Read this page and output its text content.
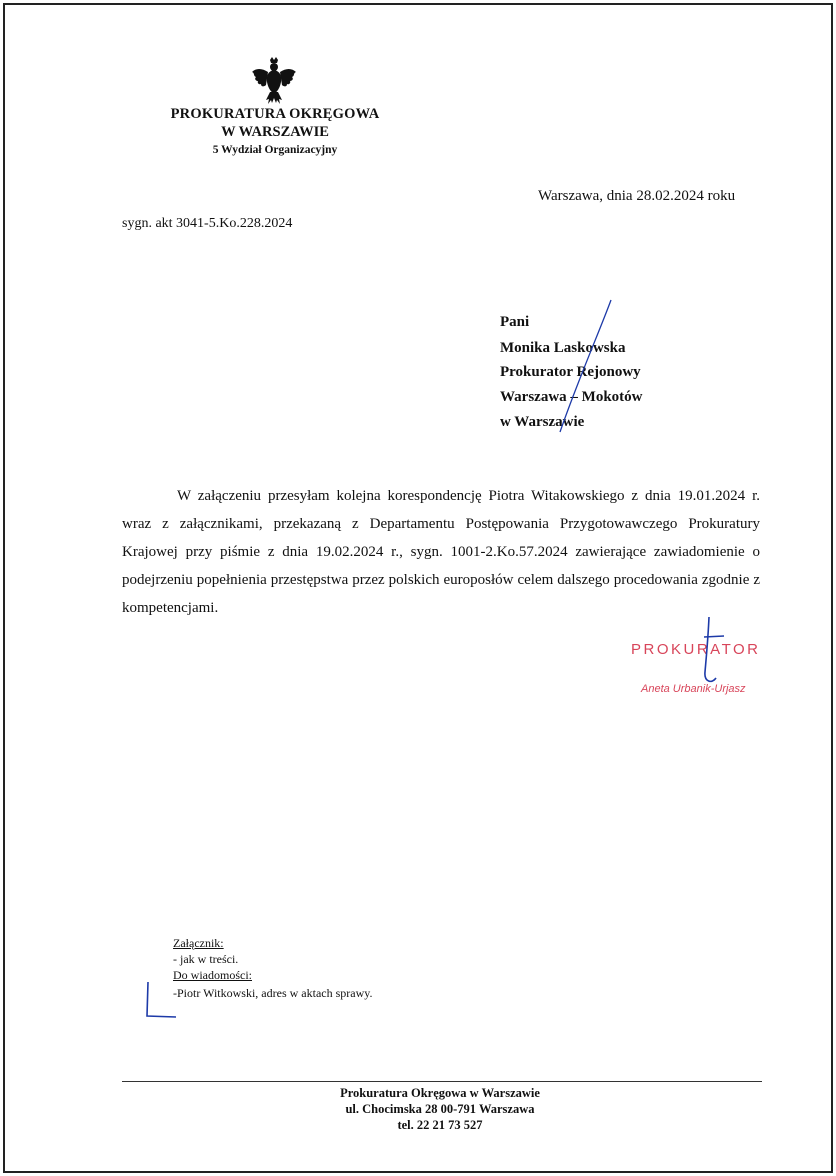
PROKURATURA OKRĘGOWA
W WARSZAWIE
5 Wydział Organizacyjny
Warszawa, dnia 28.02.2024 roku
sygn. akt 3041-5.Ko.228.2024
Pani
Monika Laskowska
Prokurator Rejonowy
Warszawa – Mokotów
w Warszawie
W załączeniu przesyłam kolejna korespondencję Piotra Witakowskiego z dnia 19.01.2024 r. wraz z załącznikami, przekazaną z Departamentu Postępowania Przygotowawczego Prokuratury Krajowej przy piśmie z dnia 19.02.2024 r., sygn. 1001-2.Ko.57.2024 zawierające zawiadomienie o podejrzeniu popełnienia przestępstwa przez polskich europosłów celem dalszego procedowania zgodnie z kompetencjami.
PROKURATOR
Aneta Urbanik-Urjasz
Załącznik:
- jak w treści.
Do wiadomości:
-Piotr Witkowski, adres w aktach sprawy.
Prokuratura Okręgowa w Warszawie
ul. Chocimska 28 00-791 Warszawa
tel. 22 21 73 527
